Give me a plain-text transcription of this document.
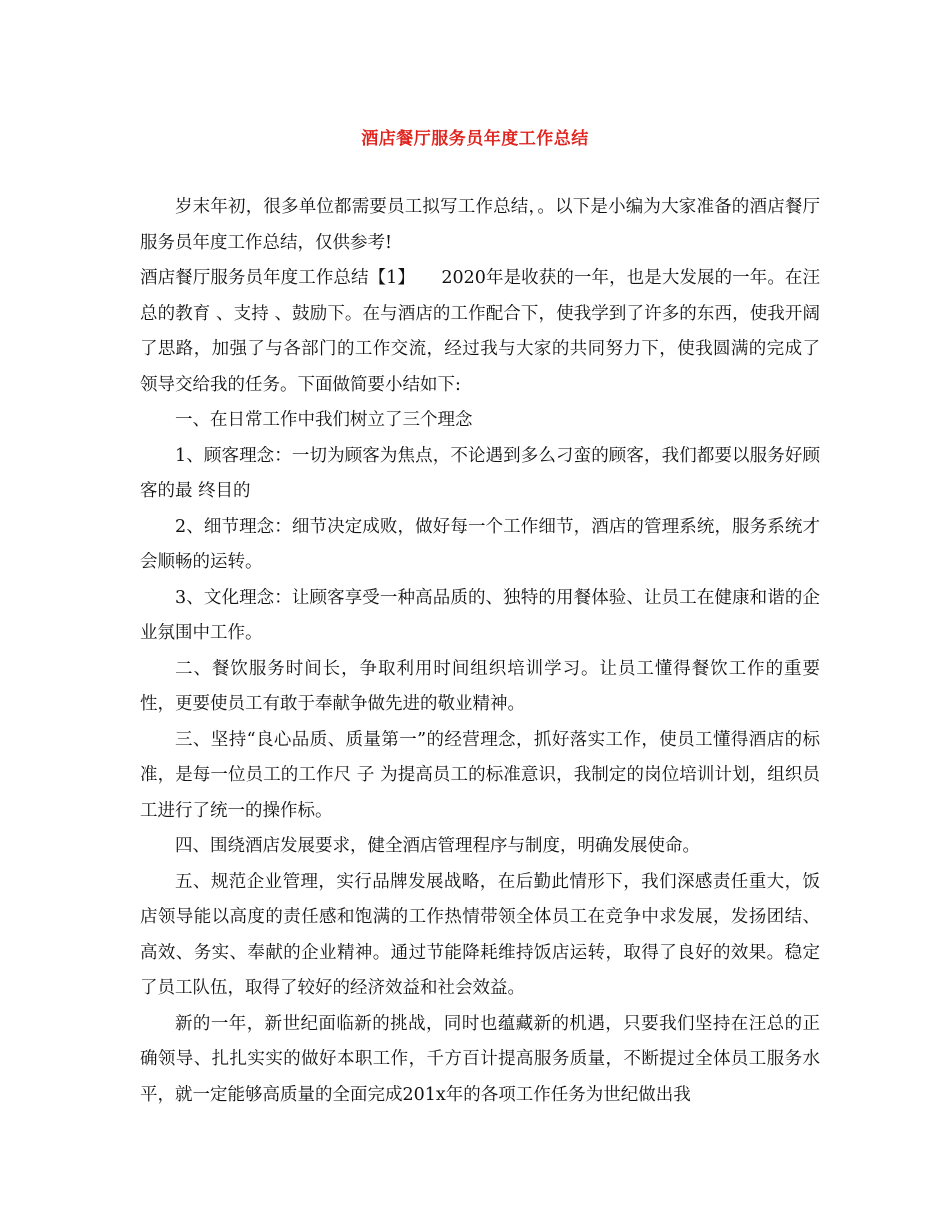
酒店餐厅服务员年度工作总结

岁末年初，很多单位都需要员工拟写工作总结，。以下是小编为大家准备的酒店餐厅服务员年度工作总结，仅供参考!

酒店餐厅服务员年度工作总结【1】　　2020年是收获的一年，也是大发展的一年。在汪总的教育 、支持 、鼓励下。在与酒店的工作配合下，使我学到了许多的东西，使我开阔了思路，加强了与各部门的工作交流，经过我与大家的共同努力下，使我圆满的完成了领导交给我的任务。下面做简要小结如下:

一、在日常工作中我们树立了三个理念

1、顾客理念：一切为顾客为焦点，不论遇到多么刁蛮的顾客，我们都要以服务好顾客的最 终目的

2、细节理念：细节决定成败，做好每一个工作细节，酒店的管理系统，服务系统才会顺畅的运转。

3、文化理念：让顾客享受一种高品质的、独特的用餐体验、让员工在健康和谐的企业氛围中工作。

二、餐饮服务时间长，争取利用时间组织培训学习。让员工懂得餐饮工作的重要性，更要使员工有敢于奉献争做先进的敬业精神。

三、坚持“良心品质、质量第一”的经营理念，抓好落实工作，使员工懂得酒店的标准，是每一位员工的工作尺 子 为提高员工的标准意识，我制定的岗位培训计划，组织员工进行了统一的操作标。

四、围绕酒店发展要求，健全酒店管理程序与制度，明确发展使命。

五、规范企业管理，实行品牌发展战略，在后勤此情形下，我们深感责任重大，饭店领导能以高度的责任感和饱满的工作热情带领全体员工在竞争中求发展，发扬团结、高效、务实、奉献的企业精神。通过节能降耗维持饭店运转，取得了良好的效果。稳定了员工队伍，取得了较好的经济效益和社会效益。

新的一年，新世纪面临新的挑战，同时也蕴藏新的机遇，只要我们坚持在汪总的正确领导、扎扎实实的做好本职工作，千方百计提高服务质量，不断提过全体员工服务水平，就一定能够高质量的全面完成201x年的各项工作任务为世纪做出我
